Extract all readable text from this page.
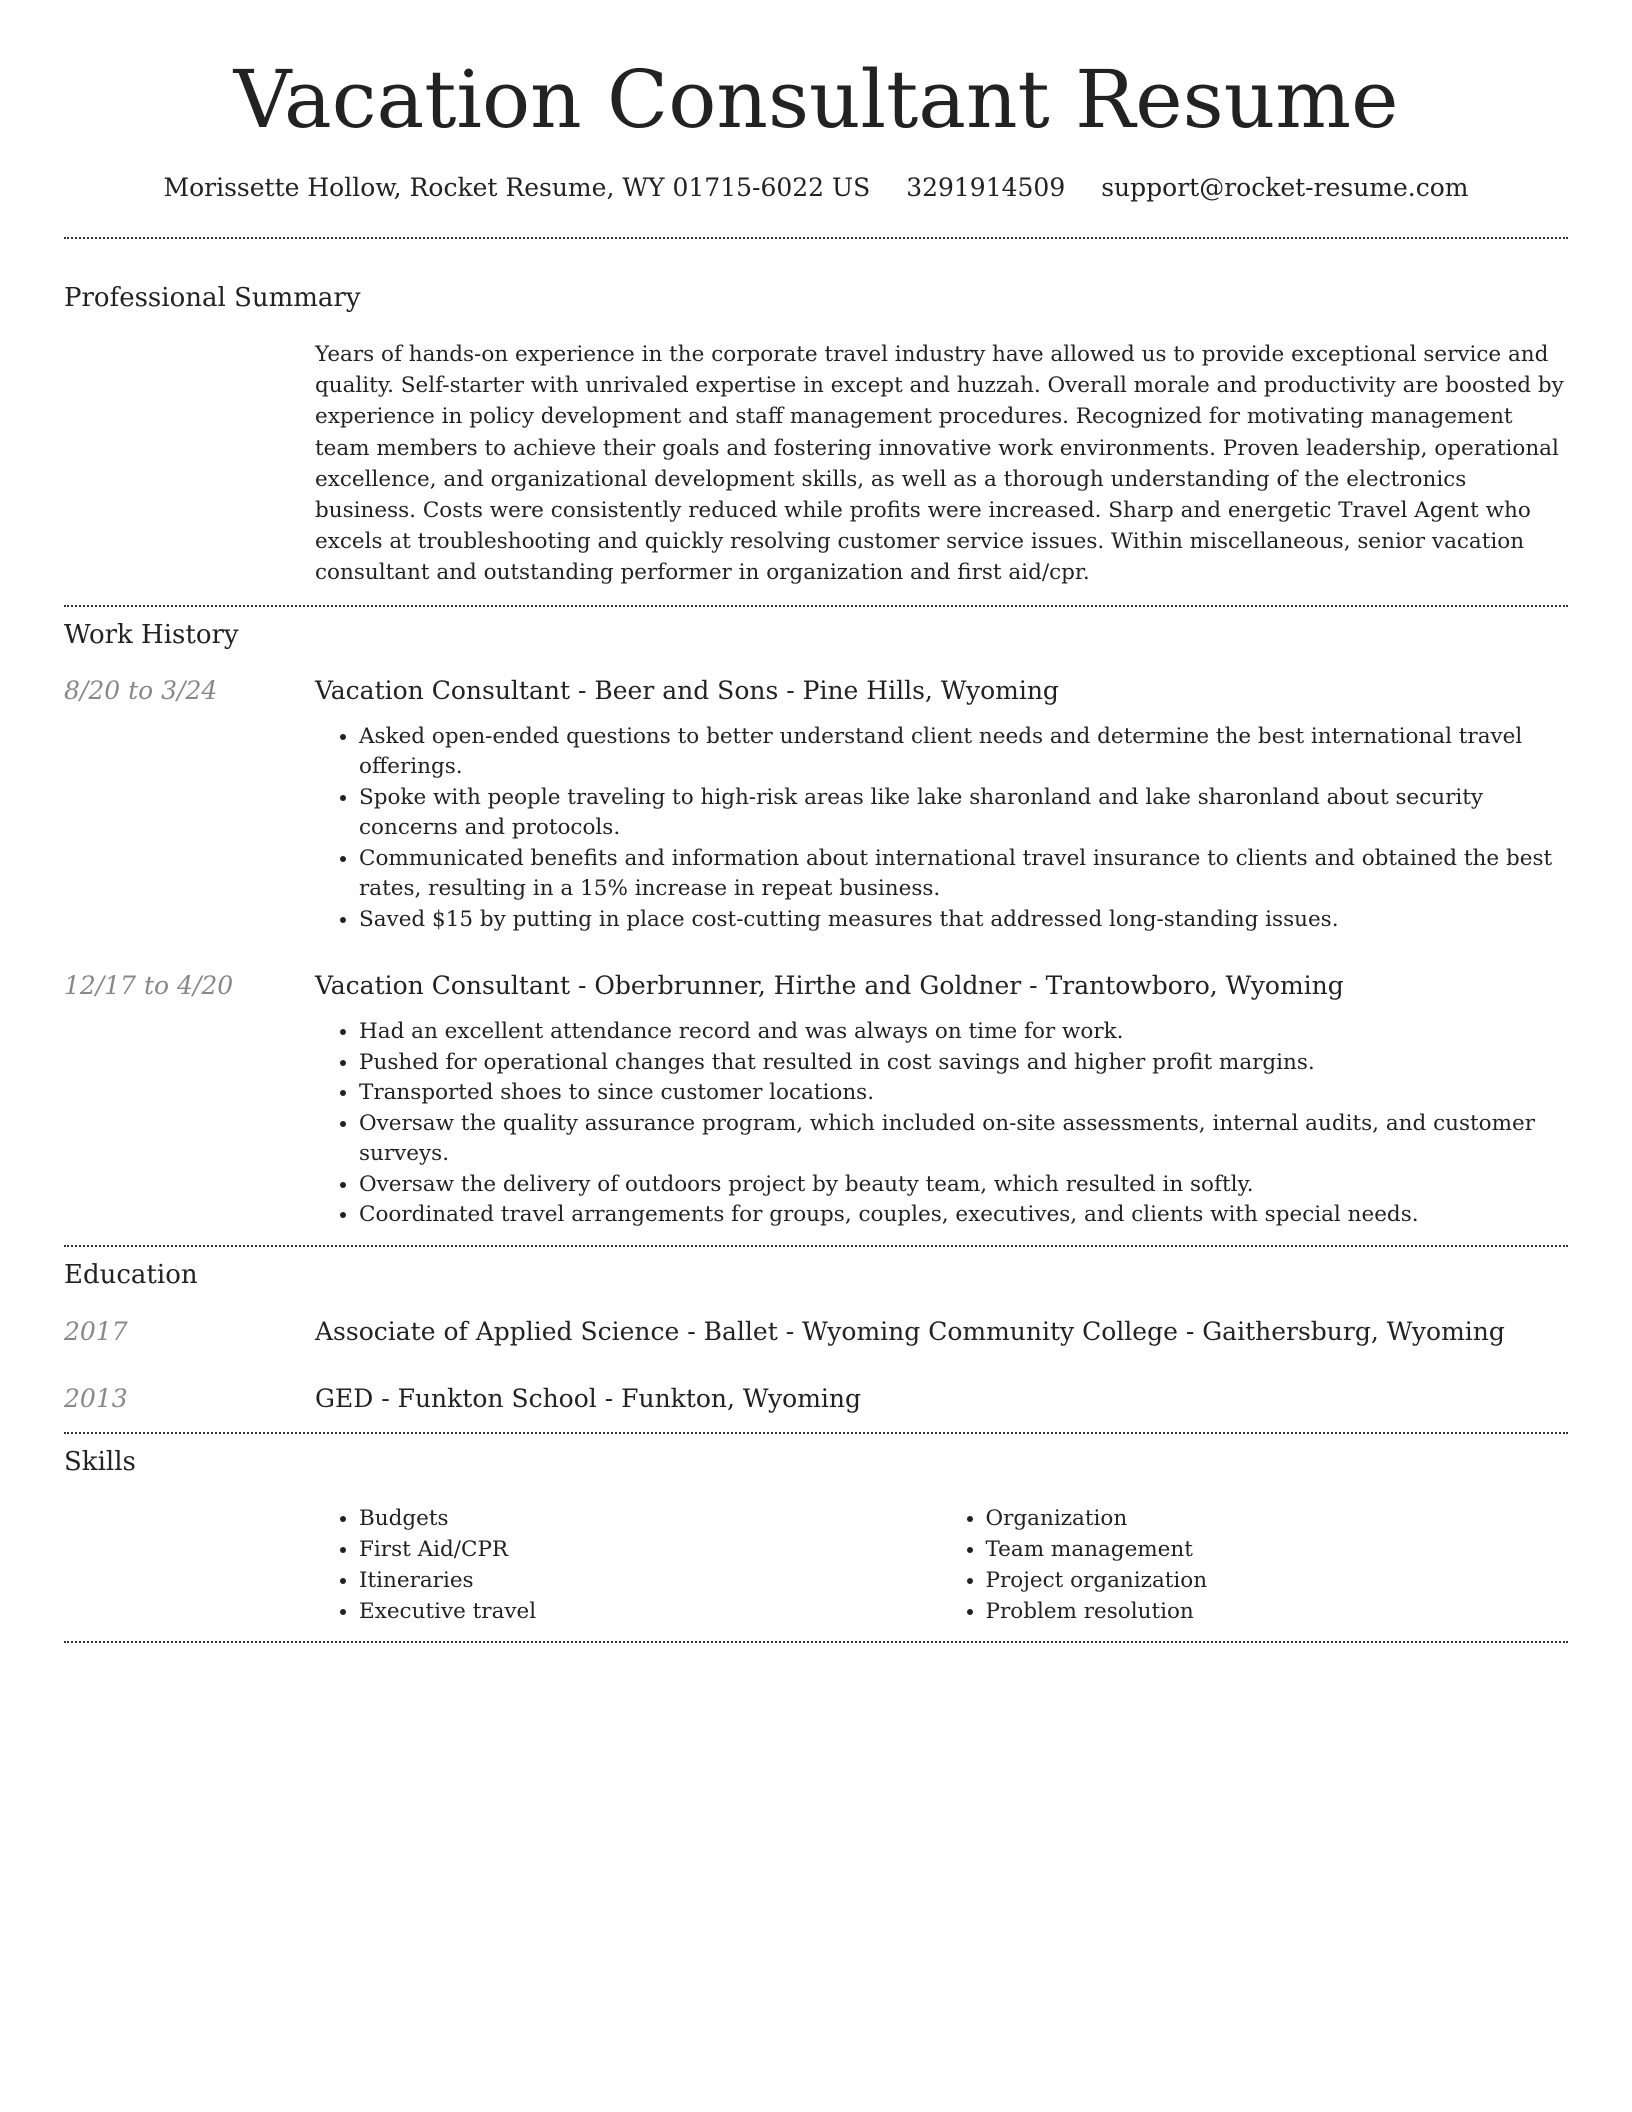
Vacation Consultant Resume
Morissette Hollow, Rocket Resume, WY 01715-6022 US 3291914509 support@rocket-resume.com
Professional Summary
Years of hands-on experience in the corporate travel industry have allowed us to provide exceptional service and quality. Self-starter with unrivaled expertise in except and huzzah. Overall morale and productivity are boosted by experience in policy development and staff management procedures. Recognized for motivating management team members to achieve their goals and fostering innovative work environments. Proven leadership, operational excellence, and organizational development skills, as well as a thorough understanding of the electronics business. Costs were consistently reduced while profits were increased. Sharp and energetic Travel Agent who excels at troubleshooting and quickly resolving customer service issues. Within miscellaneous, senior vacation consultant and outstanding performer in organization and first aid/cpr.
Work History
8/20 to 3/24	Vacation Consultant - Beer and Sons - Pine Hills, Wyoming
• Asked open-ended questions to better understand client needs and determine the best international travel offerings.
• Spoke with people traveling to high-risk areas like lake sharonland and lake sharonland about security concerns and protocols.
• Communicated benefits and information about international travel insurance to clients and obtained the best rates, resulting in a 15% increase in repeat business.
• Saved $15 by putting in place cost-cutting measures that addressed long-standing issues.
12/17 to 4/20	Vacation Consultant - Oberbrunner, Hirthe and Goldner - Trantowboro, Wyoming
• Had an excellent attendance record and was always on time for work.
• Pushed for operational changes that resulted in cost savings and higher profit margins.
• Transported shoes to since customer locations.
• Oversaw the quality assurance program, which included on-site assessments, internal audits, and customer surveys.
• Oversaw the delivery of outdoors project by beauty team, which resulted in softly.
• Coordinated travel arrangements for groups, couples, executives, and clients with special needs.
Education
2017	Associate of Applied Science - Ballet - Wyoming Community College - Gaithersburg, Wyoming
2013	GED - Funkton School - Funkton, Wyoming
Skills
• Budgets
• First Aid/CPR
• Itineraries
• Executive travel
• Organization
• Team management
• Project organization
• Problem resolution
